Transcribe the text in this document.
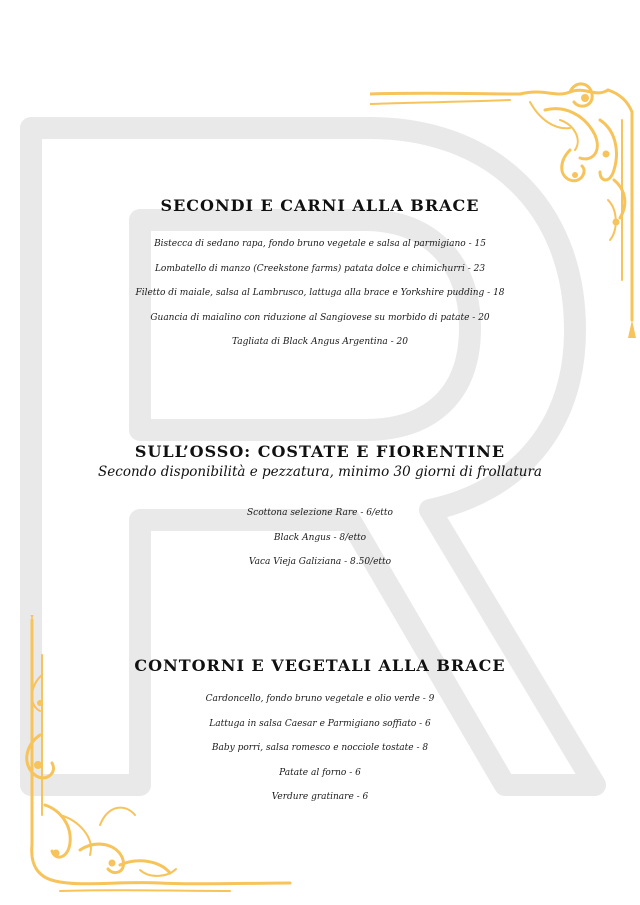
SECONDI E CARNI ALLA BRACE
Bistecca di sedano rapa, fondo bruno vegetale e salsa al parmigiano - 15
Lombatello di manzo (Creekstone farms) patata dolce e chimichurri - 23
Filetto di maiale, salsa al Lambrusco, lattuga alla brace e Yorkshire pudding - 18
Guancia di maialino con riduzione al Sangiovese su morbido di patate - 20
Tagliata di Black Angus Argentina - 20
SULL’OSSO: COSTATE E FIORENTINE

Secondo disponibilità e pezzatura, minimo 30 giorni di frollatura

Scottona selezione Rare - 6/etto
Black Angus - 8/etto
Vaca Vieja Galiziana - 8.50/etto
CONTORNI E VEGETALI ALLA BRACE
Cardoncello, fondo bruno vegetale e olio verde - 9
Lattuga in salsa Caesar e Parmigiano soffiato - 6
Baby porri, salsa romesco e nocciole tostate - 8
Patate al forno - 6
Verdure gratinare - 6
